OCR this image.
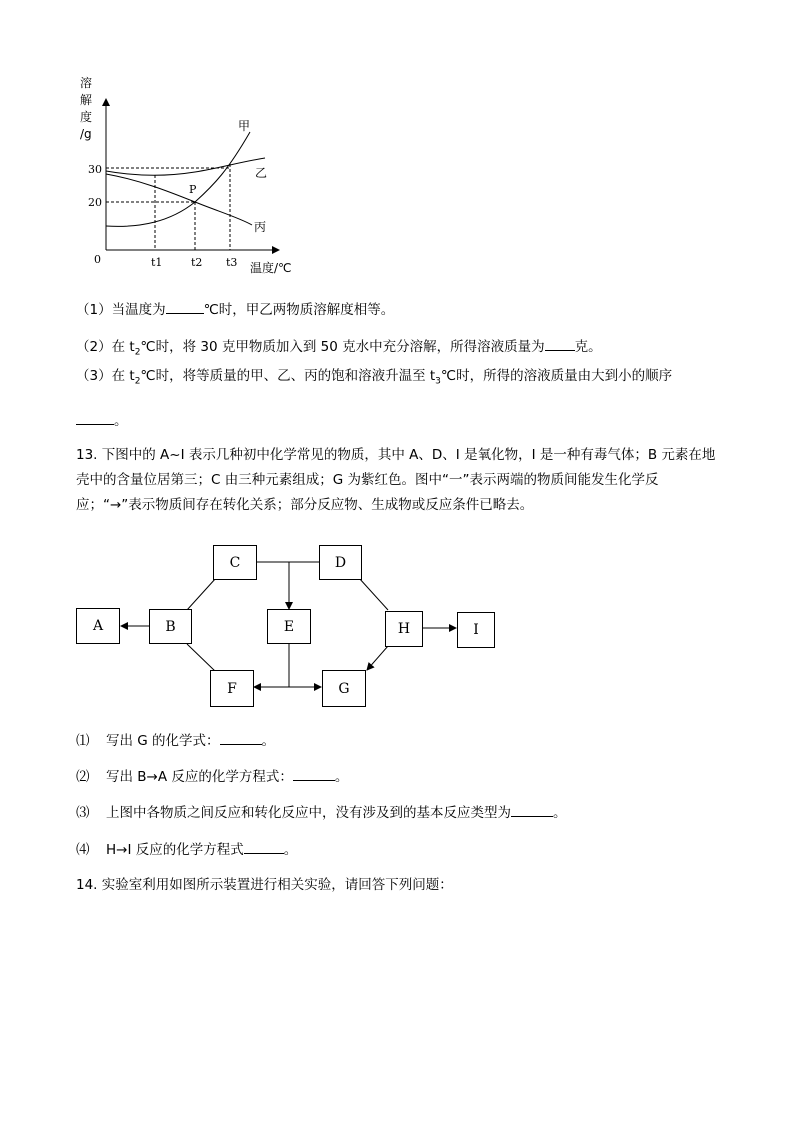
溶
解
度
/g
30
20
0	t1	t2 t3 温度/℃
P
甲
乙
丙
（1）当温度为	℃时，甲乙两物质溶解度相等。
（2）在 $t_2℃$时，将 30 克甲物质加入到 50 克水中充分溶解，所得溶液质量为 克。
（3）在 $t_2℃$时，将等质量的甲、乙、丙的饱和溶液升温至 $t_3℃$时，所得的溶液质量由大到小的顺序
。
13. 下图中的 A~I 表示几种初中化学常见的物质，其中 A、D、I 是氧化物，I 是一种有毒气体；B 元素在地壳中的含量位居第三；C 由三种元素组成；G 为紫红色。图中“一”表示两端的物质间能发生化学反应；“→”表示物质间存在转化关系；部分反应物、生成物或反应条件已略去。
C	D
A	B	E	H	I
F	G
⑴ 写出 G 的化学式：	。
⑵ 写出 B→A 反应的化学方程式：	。
⑶ 上图中各物质之间反应和转化反应中，没有涉及到的基本反应类型为	。
⑷ H→I 反应的化学方程式	。
14. 实验室利用如图所示装置进行相关实验，请回答下列问题：
